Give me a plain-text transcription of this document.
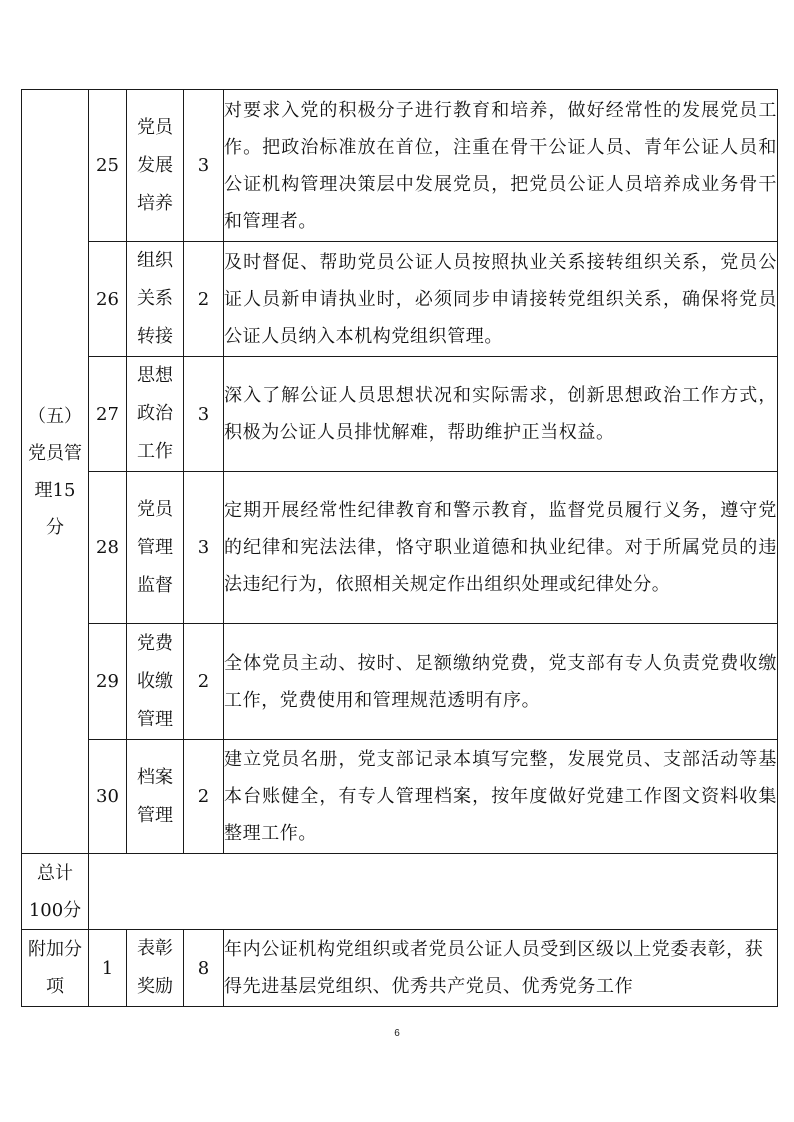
（五）党员管理15分	25	党员发展培养	3	对要求入党的积极分子进行教育和培养，做好经常性的发展党员工作。把政治标准放在首位，注重在骨干公证人员、青年公证人员和公证机构管理决策层中发展党员，把党员公证人员培养成业务骨干和管理者。
	26	组织关系转接	2	及时督促、帮助党员公证人员按照执业关系接转组织关系，党员公证人员新申请执业时，必须同步申请接转党组织关系，确保将党员公证人员纳入本机构党组织管理。
	27	思想政治工作	3	深入了解公证人员思想状况和实际需求，创新思想政治工作方式，积极为公证人员排忧解难，帮助维护正当权益。
	28	党员管理监督	3	定期开展经常性纪律教育和警示教育，监督党员履行义务，遵守党的纪律和宪法法律，恪守职业道德和执业纪律。对于所属党员的违法违纪行为，依照相关规定作出组织处理或纪律处分。
	29	党费收缴管理	2	全体党员主动、按时、足额缴纳党费，党支部有专人负责党费收缴工作，党费使用和管理规范透明有序。
	30	档案管理	2	建立党员名册，党支部记录本填写完整，发展党员、支部活动等基本台账健全，有专人管理档案，按年度做好党建工作图文资料收集整理工作。
总计100分				
附加分项	1	表彰奖励	8	年内公证机构党组织或者党员公证人员受到区级以上党委表彰，获得先进基层党组织、优秀共产党员、优秀党务工作
6
